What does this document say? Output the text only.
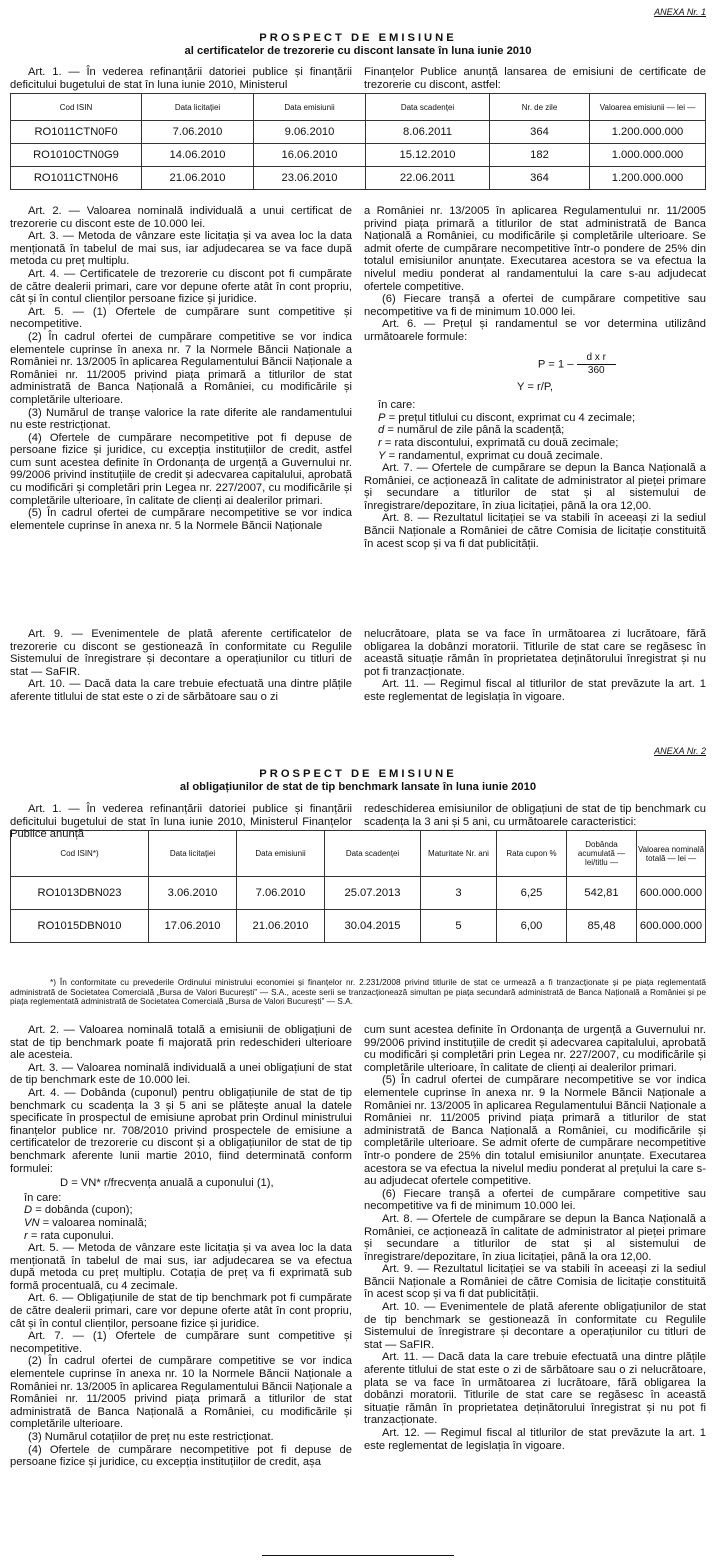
ANEXA Nr. 1
PROSPECT DE EMISIUNE
al certificatelor de trezorerie cu discont lansate în luna iunie 2010

Art. 1. — În vederea refinanțării datoriei publice și finanțării deficitului bugetului de stat în luna iunie 2010, Ministerul

Finanțelor Publice anunță lansarea de emisiuni de certificate de trezorerie cu discont, astfel:

Cod ISIN	Data licitației	Data emisiunii	Data scadenței	Nr. de zile	Valoarea emisiunii — lei —
RO1011CTN0F0	7.06.2010	9.06.2010	8.06.2011	364	1.200.000.000
RO1010CTN0G9	14.06.2010	16.06.2010	15.12.2010	182	1.000.000.000
RO1011CTN0H6	21.06.2010	23.06.2010	22.06.2011	364	1.200.000.000

Art. 2. — Valoarea nominală individuală a unui certificat de trezorerie cu discont este de 10.000 lei.

Art. 3. — Metoda de vânzare este licitația și va avea loc la data menționată în tabelul de mai sus, iar adjudecarea se va face după metoda cu preț multiplu.

Art. 4. — Certificatele de trezorerie cu discont pot fi cumpărate de către dealerii primari, care vor depune oferte atât în cont propriu, cât și în contul clienților persoane fizice și juridice.

Art. 5. — (1) Ofertele de cumpărare sunt competitive și necompetitive.

(2) În cadrul ofertei de cumpărare competitive se vor indica elementele cuprinse în anexa nr. 7 la Normele Băncii Naționale a României nr. 13/2005 în aplicarea Regulamentului Băncii Naționale a României nr. 11/2005 privind piața primară a titlurilor de stat administrată de Banca Națională a României, cu modificările și completările ulterioare.

(3) Numărul de tranșe valorice la rate diferite ale randamentului nu este restricționat.

(4) Ofertele de cumpărare necompetitive pot fi depuse de persoane fizice și juridice, cu excepția instituțiilor de credit, astfel cum sunt acestea definite în Ordonanța de urgență a Guvernului nr. 99/2006 privind instituțiile de credit și adecvarea capitalului, aprobată cu modificări și completări prin Legea nr. 227/2007, cu modificările și completările ulterioare, în calitate de clienți ai dealerilor primari.

(5) În cadrul ofertei de cumpărare necompetitive se vor indica elementele cuprinse în anexa nr. 5 la Normele Băncii Naționale

a României nr. 13/2005 în aplicarea Regulamentului nr. 11/2005 privind piața primară a titlurilor de stat administrată de Banca Națională a României, cu modificările și completările ulterioare. Se admit oferte de cumpărare necompetitive într-o pondere de 25% din totalul emisiunilor anunțate. Executarea acestora se va efectua la nivelul mediu ponderat al randamentului la care s-au adjudecat ofertele competitive.

(6) Fiecare tranșă a ofertei de cumpărare competitive sau necompetitive va fi de minimum 10.000 lei.

Art. 6. — Prețul și randamentul se vor determina utilizând următoarele formule:

$P = 1 - \frac{\text{d x r}}{360}$
Y = r/P,

în care:

P = prețul titlului cu discont, exprimat cu 4 zecimale;

d = numărul de zile până la scadență;

r = rata discontului, exprimată cu două zecimale;

Y = randamentul, exprimat cu două zecimale.

Art. 7. — Ofertele de cumpărare se depun la Banca Națională a României, ce acționează în calitate de administrator al pieței primare și secundare a titlurilor de stat și al sistemului de înregistrare/depozitare, în ziua licitației, până la ora 12,00.

Art. 8. — Rezultatul licitației se va stabili în aceeași zi la sediul Băncii Naționale a României de către Comisia de licitație constituită în acest scop și va fi dat publicității.

Art. 9. — Evenimentele de plată aferente certificatelor de trezorerie cu discont se gestionează în conformitate cu Regulile Sistemului de înregistrare și decontare a operațiunilor cu titluri de stat — SaFIR.

Art. 10. — Dacă data la care trebuie efectuată una dintre plățile aferente titlului de stat este o zi de sărbătoare sau o zi

nelucrătoare, plata se va face în următoarea zi lucrătoare, fără obligarea la dobânzi moratorii. Titlurile de stat care se regăsesc în această situație rămân în proprietatea deținătorului înregistrat și nu pot fi tranzacționate.

Art. 11. — Regimul fiscal al titlurilor de stat prevăzute la art. 1 este reglementat de legislația în vigoare.

ANEXA Nr. 2
PROSPECT DE EMISIUNE
al obligațiunilor de stat de tip benchmark lansate în luna iunie 2010

Art. 1. — În vederea refinanțării datoriei publice și finanțării deficitului bugetului de stat în luna iunie 2010, Ministerul Finanțelor Publice anunță

redeschiderea emisiunilor de obligațiuni de stat de tip benchmark cu scadența la 3 ani și 5 ani, cu următoarele caracteristici:

Cod ISIN*)	Data licitației	Data emisiunii	Data scadenței	Maturitate Nr. ani	Rata cupon %	Dobânda acumulată — lei/titlu —	Valoarea nominală totală — lei —
RO1013DBN023	3.06.2010	7.06.2010	25.07.2013	3	6,25	542,81	600.000.000
RO1015DBN010	17.06.2010	21.06.2010	30.04.2015	5	6,00	85,48	600.000.000
*) În conformitate cu prevederile Ordinului ministrului economiei și finanțelor nr. 2.231/2008 privind titlurile de stat ce urmează a fi tranzacționate și pe piața reglementată administrată de Societatea Comercială „Bursa de Valori București” — S.A., aceste serii se tranzacționează simultan pe piața secundară administrată de Banca Națională a României și pe piața reglementată administrată de Societatea Comercială „Bursa de Valori București” — S.A.

Art. 2. — Valoarea nominală totală a emisiunii de obligațiuni de stat de tip benchmark poate fi majorată prin redeschideri ulterioare ale acesteia.

Art. 3. — Valoarea nominală individuală a unei obligațiuni de stat de tip benchmark este de 10.000 lei.

Art. 4. — Dobânda (cuponul) pentru obligațiunile de stat de tip benchmark cu scadența la 3 și 5 ani se plătește anual la datele specificate în prospectul de emisiune aprobat prin Ordinul ministrului finanțelor publice nr. 708/2010 privind prospectele de emisiune a certificatelor de trezorerie cu discont și a obligațiunilor de stat de tip benchmark aferente lunii martie 2010, fiind determinată conform formulei:

D = VN* r/frecvența anuală a cuponului (1),

în care:

D = dobânda (cupon);

VN = valoarea nominală;

r = rata cuponului.

Art. 5. — Metoda de vânzare este licitația și va avea loc la data menționată în tabelul de mai sus, iar adjudecarea se va efectua după metoda cu preț multiplu. Cotația de preț va fi exprimată sub formă procentuală, cu 4 zecimale.

Art. 6. — Obligațiunile de stat de tip benchmark pot fi cumpărate de către dealerii primari, care vor depune oferte atât în cont propriu, cât și în contul clienților, persoane fizice și juridice.

Art. 7. — (1) Ofertele de cumpărare sunt competitive și necompetitive.

(2) În cadrul ofertei de cumpărare competitive se vor indica elementele cuprinse în anexa nr. 10 la Normele Băncii Naționale a României nr. 13/2005 în aplicarea Regulamentului Băncii Naționale a României nr. 11/2005 privind piața primară a titlurilor de stat administrată de Banca Națională a României, cu modificările și completările ulterioare.

(3) Numărul cotațiilor de preț nu este restricționat.

(4) Ofertele de cumpărare necompetitive pot fi depuse de persoane fizice și juridice, cu excepția instituțiilor de credit, așa

cum sunt acestea definite în Ordonanța de urgență a Guvernului nr. 99/2006 privind instituțiile de credit și adecvarea capitalului, aprobată cu modificări și completări prin Legea nr. 227/2007, cu modificările și completările ulterioare, în calitate de clienți ai dealerilor primari.

(5) În cadrul ofertei de cumpărare necompetitive se vor indica elementele cuprinse în anexa nr. 9 la Normele Băncii Naționale a României nr. 13/2005 în aplicarea Regulamentului Băncii Naționale a României nr. 11/2005 privind piața primară a titlurilor de stat administrată de Banca Națională a României, cu modificările și completările ulterioare. Se admit oferte de cumpărare necompetitive într-o pondere de 25% din totalul emisiunilor anunțate. Executarea acestora se va efectua la nivelul mediu ponderat al prețului la care s-au adjudecat ofertele competitive.

(6) Fiecare tranșă a ofertei de cumpărare competitive sau necompetitive va fi de minimum 10.000 lei.

Art. 8. — Ofertele de cumpărare se depun la Banca Națională a României, ce acționează în calitate de administrator al pieței primare și secundare a titlurilor de stat și al sistemului de înregistrare/depozitare, în ziua licitației, până la ora 12,00.

Art. 9. — Rezultatul licitației se va stabili în aceeași zi la sediul Băncii Naționale a României de către Comisia de licitație constituită în acest scop și va fi dat publicității.

Art. 10. — Evenimentele de plată aferente obligațiunilor de stat de tip benchmark se gestionează în conformitate cu Regulile Sistemului de înregistrare și decontare a operațiunilor cu titluri de stat — SaFIR.

Art. 11. — Dacă data la care trebuie efectuată una dintre plățile aferente titlului de stat este o zi de sărbătoare sau o zi nelucrătoare, plata se va face în următoarea zi lucrătoare, fără obligarea la dobânzi moratorii. Titlurile de stat care se regăsesc în această situație rămân în proprietatea deținătorului înregistrat și nu pot fi tranzacționate.

Art. 12. — Regimul fiscal al titlurilor de stat prevăzute la art. 1 este reglementat de legislația în vigoare.
